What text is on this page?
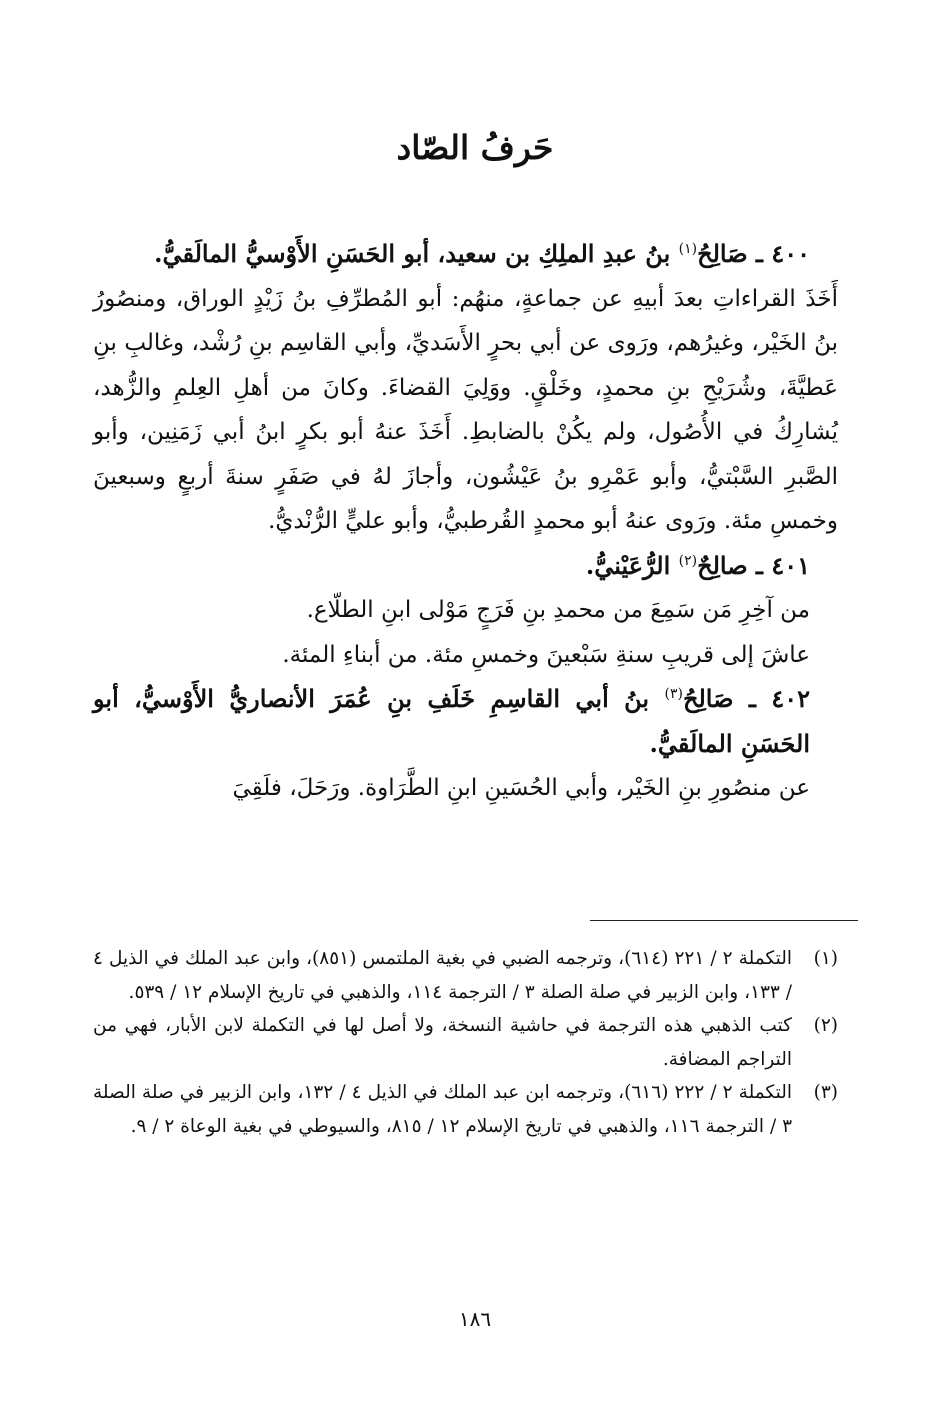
حَرفُ الصّاد

٤٠٠ ـ صَالِحُ$^{(١)}$ بنُ عبدِ الملِكِ بن سعيد، أبو الحَسَنِ الأَوْسيُّ المالَقيُّ.

أَخَذَ القراءاتِ بعدَ أبيهِ عن جماعةٍ، منهُم: أبو المُطرِّفِ بنُ زَيْدٍ الوراق، ومنصُورُ بنُ الخَيْر، وغيرُهم، ورَوى عن أبي بحرٍ الأَسَديِّ، وأبي القاسِم بنِ رُشْد، وغالبِ بنِ عَطيَّةَ، وشُرَيْحِ بنِ محمدٍ، وخَلْقٍ. ووَلِيَ القضاءَ. وكانَ من أهلِ العِلمِ والزُّهد، يُشارِكُ في الأُصُول، ولم يكُنْ بالضابطِ. أَخَذَ عنهُ أبو بكرٍ ابنُ أبي زَمَنِين، وأبو الصَّبرِ السَّبْتيُّ، وأبو عَمْرِو بنُ عَيْشُون، وأجازَ لهُ في صَفَرٍ سنةَ أربعٍ وسبعينَ وخمسِ مئة. ورَوى عنهُ أبو محمدٍ القُرطبيُّ، وأبو عليٍّ الرُّنْديُّ.

٤٠١ ـ صالِحٌ$^{(٢)}$ الرُّعَيْنيُّ.

من آخِرِ مَن سَمِعَ من محمدِ بنِ فَرَجٍ مَوْلى ابنِ الطلّاع.

عاشَ إلى قريبِ سنةِ سَبْعينَ وخمسِ مئة. من أبناءِ المئة.

٤٠٢ ـ صَالِحُ$^{(٣)}$ بنُ أبي القاسِمِ خَلَفِ بنِ عُمَرَ الأنصاريُّ الأَوْسيُّ، أبو الحَسَنِ المالَقيُّ.

عن منصُورِ بنِ الخَيْر، وأبي الحُسَينِ ابنِ الطَّرَاوة. ورَحَلَ، فلَقِيَ

(١)
التكملة ٢ / ٢٢١ (٦١٤)، وترجمه الضبي في بغية الملتمس (٨٥١)، وابن عبد الملك في الذيل ٤ / ١٣٣، وابن الزبير في صلة الصلة ٣ / الترجمة ١١٤، والذهبي في تاريخ الإسلام ١٢ / ٥٣٩.
(٢)
كتب الذهبي هذه الترجمة في حاشية النسخة، ولا أصل لها في التكملة لابن الأبار، فهي من التراجم المضافة.
(٣)
التكملة ٢ / ٢٢٢ (٦١٦)، وترجمه ابن عبد الملك في الذيل ٤ / ١٣٢، وابن الزبير في صلة الصلة ٣ / الترجمة ١١٦، والذهبي في تاريخ الإسلام ١٢ / ٨١٥، والسيوطي في بغية الوعاة ٢ / ٩.
١٨٦
